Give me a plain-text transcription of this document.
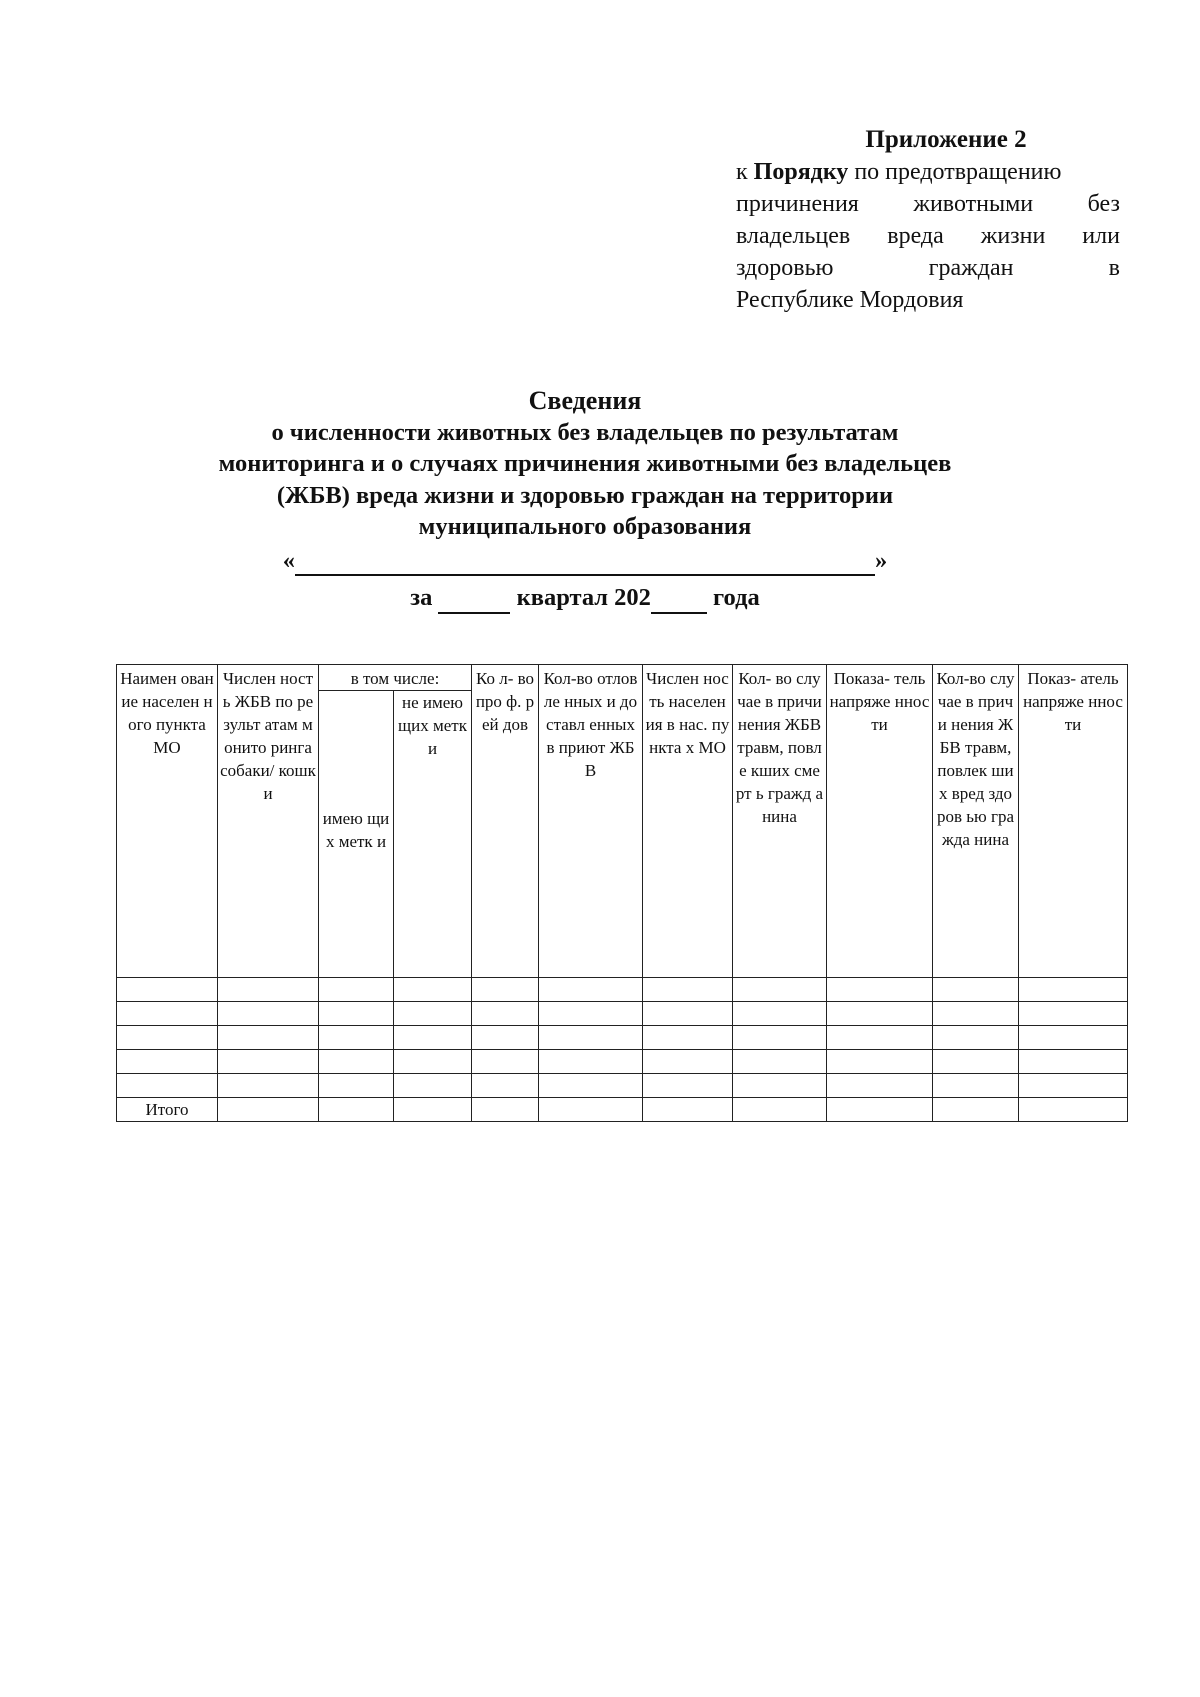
Приложение 2
к Порядку по предотвращению
причинения животными без
владельцев вреда жизни или
здоровью	граждан	в
Республике Мордовия
Сведения
о численности животных без владельцев по результатам
мониторинга и о случаях причинения животными без владельцев
(ЖБВ) вреда жизни и здоровью граждан на территории
муниципального образования
«	»
за	квартал 202	года
Наимен ование населен ного пункта МО	Числен ность ЖБВ по результ атам монито ринга собаки/ кошки	в том числе:		Ко л- во про ф. рей дов	Кол-во отловле нных и доставл енных в приют ЖБВ	Числен ность населен ия в нас. пункта х МО	Кол- во случае в причи нения ЖБВ травм, повле кших смерт ь гражд анина	Показа- тель напряже нности	Кол-во случае в причи нения ЖБВ травм, повлек ших вред здоров ью гражда нина	Показ- атель напряже нности
		имею щих метк и	не имею щих метк и							

Итого										
